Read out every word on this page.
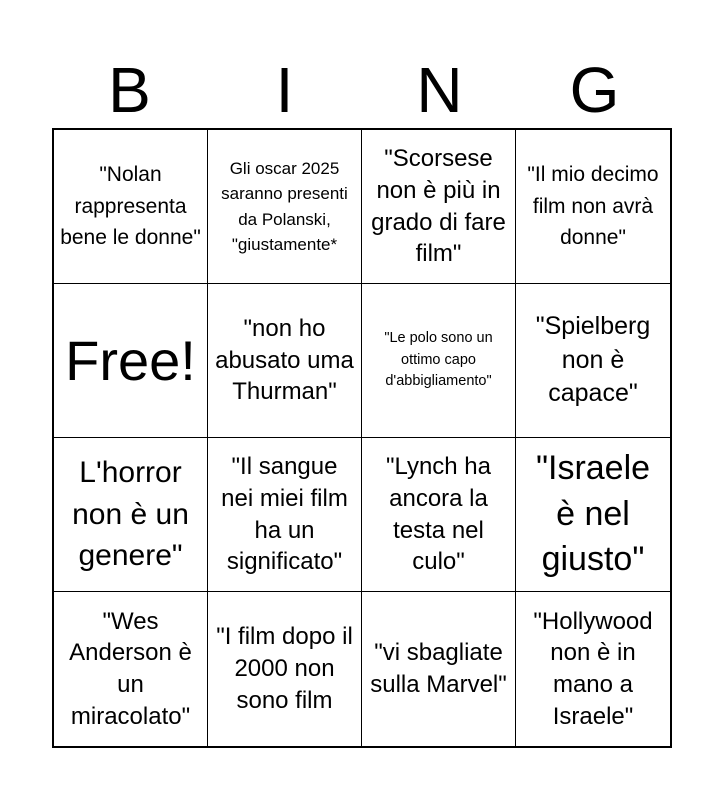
B	I	N	G
"Nolan rappresenta bene le donne"
Gli oscar 2025 saranno presenti da Polanski, "giustamente*
"Scorsese non è più in grado di fare film"
"Il mio decimo film non avrà donne"
Free!
"non ho abusato uma Thurman"
"Le polo sono un ottimo capo d'abbigliamento"
"Spielberg non è capace"
L'horror non è un genere"
"Il sangue nei miei film ha un significato"
"Lynch ha ancora la testa nel culo"
"Israele è nel giusto"
"Wes Anderson è un miracolato"
"I film dopo il 2000 non sono film
"vi sbagliate sulla Marvel"
"Hollywood non è in mano a Israele"
